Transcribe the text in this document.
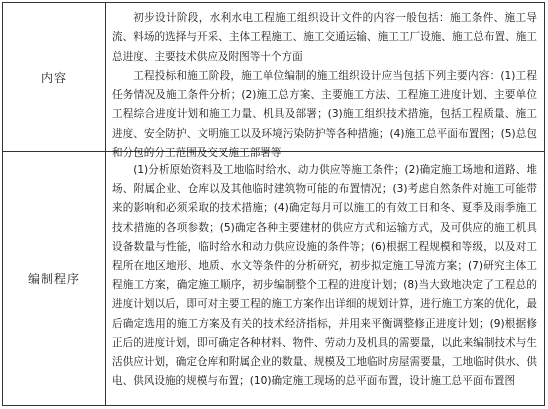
内容

初步设计阶段，水利水电工程施工组织设计文件的内容一般包括：施工条件、施工导流、料场的选择与开采、主体工程施工、施工交通运输、施工工厂设施、施工总布置、施工总进度、主要技术供应及附图等十个方面

工程投标和施工阶段，施工单位编制的施工组织设计应当包括下列主要内容：(1)工程任务情况及施工条件分析；(2)施工总方案、主要施工方法、工程施工进度计划、主要单位工程综合进度计划和施工力量、机具及部署；(3)施工组织技术措施，包括工程质量、施工进度、安全防护、文明施工以及环境污染防护等各种措施；(4)施工总平面布置图；(5)总包和分包的分工范围及交叉施工部署等

编制程序

(1)分析原始资料及工地临时给水、动力供应等施工条件；(2)确定施工场地和道路、堆场、附属企业、仓库以及其他临时建筑物可能的布置情况；(3)考虑自然条件对施工可能带来的影响和必须采取的技术措施；(4)确定每月可以施工的有效工日和冬、夏季及雨季施工技术措施的各项参数；(5)确定各种主要建材的供应方式和运输方式，及可供应的施工机具设备数量与性能，临时给水和动力供应设施的条件等；(6)根据工程规模和等级，以及对工程所在地区地形、地质、水文等条件的分析研究，初步拟定施工导流方案；(7)研究主体工程施工方案，确定施工顺序，初步编制整个工程的进度计划；(8)当大致地决定了工程总的进度计划以后，即可对主要工程的施工方案作出详细的规划计算，进行施工方案的优化，最后确定选用的施工方案及有关的技术经济指标，并用来平衡调整修正进度计划；(9)根据修正后的进度计划，即可确定各种材料、物件、劳动力及机具的需要量，以此来编制技术与生活供应计划，确定仓库和附属企业的数量、规模及工地临时房屋需要量，工地临时供水、供电、供风设施的规模与布置；(10)确定施工现场的总平面布置，设计施工总平面布置图
